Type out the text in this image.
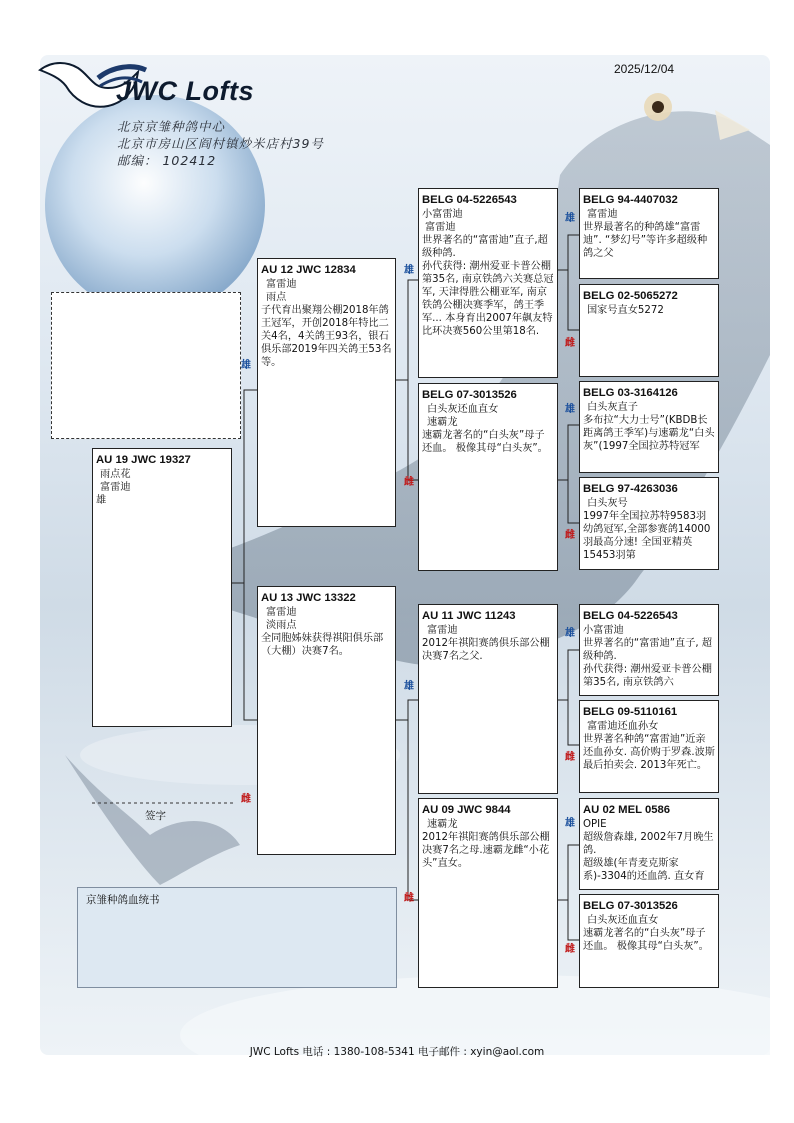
JWC Lofts
北京京雏种鸽中心
北京市房山区阎村镇炒米店村39号
邮编： 102412
2025/12/04
AU 19 JWC 19327
雨点花
富雷迪
雄
AU 12 JWC 12834
富雷迪
雨点
子代育出聚翔公棚2018年鸽王冠军，开创2018年特比二关4名，4关鸽王93名，银石俱乐部2019年四关鸽王53名等。
AU 13 JWC 13322
富雷迪
淡雨点
全同胞姊妹获得祺阳俱乐部（大棚）决赛7名。
雄
雌
BELG 04-5226543
小富雷迪
富雷迪
世界著名的“富雷迪”直子,超级种鸽.
孙代获得: 潮州爱亚卡普公棚第35名, 南京铁鸽六关赛总冠军, 天津得胜公棚亚军, 南京铁鸽公棚决赛季军，鸽王季军... 本身育出2007年飙友特比环决赛560公里第18名.
BELG 07-3013526
白头灰还血直女
速霸龙
速霸龙著名的“白头灰”母子还血。 极像其母“白头灰”。
AU 11 JWC 11243
富雷迪
2012年祺阳赛鸽俱乐部公棚决赛7名之父.
AU 09 JWC 9844
速霸龙
2012年祺阳赛鸽俱乐部公棚决赛7名之母.速霸龙雌“小花头”直女。
雄
雌
雄
雌
BELG 94-4407032
富雷迪
世界最著名的种鸽雄“富雷迪”. “梦幻号”等许多超级种鸽之父
BELG 02-5065272
国家号直女5272
BELG 03-3164126
白头灰直子
多布拉“大力士号”(KBDB长距离鸽王季军)与速霸龙“白头灰”(1997全国拉苏特冠军
BELG 97-4263036
白头灰号
1997年全国拉苏特9583羽幼鸽冠军,全部参赛鸽14000羽最高分速! 全国亚精英15453羽第
BELG 04-5226543
小富雷迪
世界著名的“富雷迪”直子, 超级种鸽.
孙代获得: 潮州爱亚卡普公棚第35名, 南京铁鸽六
BELG 09-5110161
富雷迪还血孙女
世界著名种鸽“富雷迪”近亲还血孙女. 高价购于罗森.波斯最后拍卖会. 2013年死亡。
AU 02 MEL 0586
OPIE
超级詹森雄, 2002年7月晚生鸽.
超级雄(年青麦克斯家系)-3304的还血鸽. 直女育
BELG 07-3013526
白头灰还血直女
速霸龙著名的“白头灰”母子还血。 极像其母“白头灰”。
雄
雌
雄
雌
雄
雌
雄
雌
签字
京雏种鸽血统书
JWC Lofts 电话 : 1380-108-5341 电子邮件 : xyin@aol.com
